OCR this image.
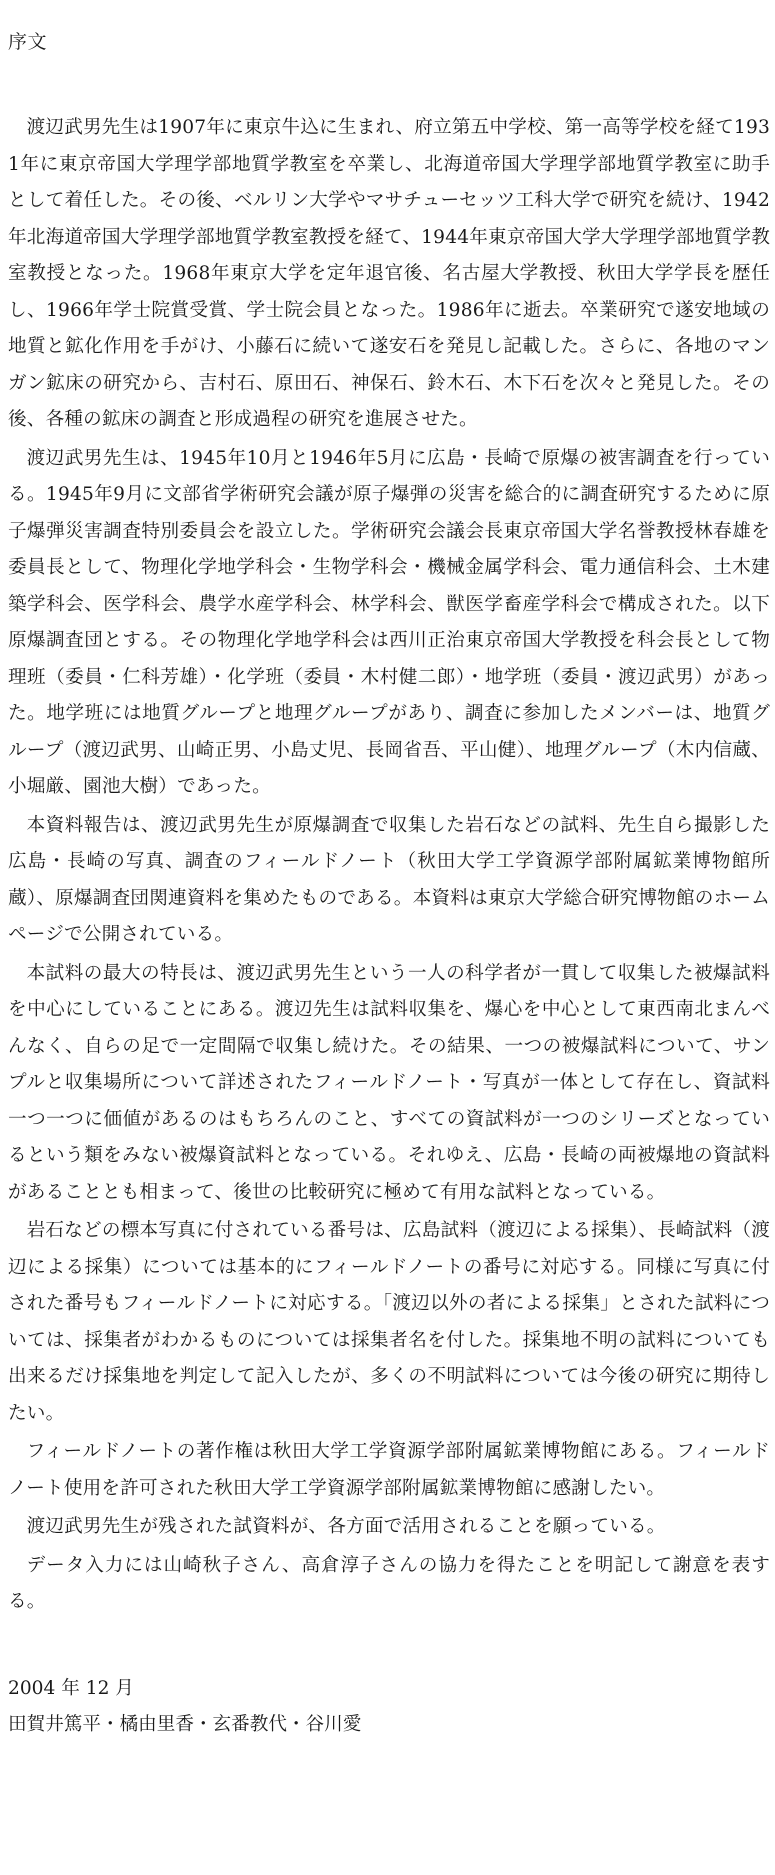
序文

渡辺武男先生は1907年に東京牛込に生まれ、府立第五中学校、第一高等学校を経て1931年に東京帝国大学理学部地質学教室を卒業し、北海道帝国大学理学部地質学教室に助手として着任した。その後、ベルリン大学やマサチューセッツ工科大学で研究を続け、1942年北海道帝国大学理学部地質学教室教授を経て、1944年東京帝国大学大学理学部地質学教室教授となった。1968年東京大学を定年退官後、名古屋大学教授、秋田大学学長を歴任し、1966年学士院賞受賞、学士院会員となった。1986年に逝去。卒業研究で遂安地域の地質と鉱化作用を手がけ、小藤石に続いて遂安石を発見し記載した。さらに、各地のマンガン鉱床の研究から、吉村石、原田石、神保石、鈴木石、木下石を次々と発見した。その後、各種の鉱床の調査と形成過程の研究を進展させた。

渡辺武男先生は、1945年10月と1946年5月に広島・長崎で原爆の被害調査を行っている。1945年9月に文部省学術研究会議が原子爆弾の災害を総合的に調査研究するために原子爆弾災害調査特別委員会を設立した。学術研究会議会長東京帝国大学名誉教授林春雄を委員長として、物理化学地学科会・生物学科会・機械金属学科会、電力通信科会、土木建築学科会、医学科会、農学水産学科会、林学科会、獣医学畜産学科会で構成された。以下原爆調査団とする。その物理化学地学科会は西川正治東京帝国大学教授を科会長として物理班（委員・仁科芳雄）・化学班（委員・木村健二郎）・地学班（委員・渡辺武男）があった。地学班には地質グループと地理グループがあり、調査に参加したメンバーは、地質グループ（渡辺武男、山崎正男、小島丈児、長岡省吾、平山健）、地理グループ（木内信蔵、小堀厳、園池大樹）であった。

本資料報告は、渡辺武男先生が原爆調査で収集した岩石などの試料、先生自ら撮影した広島・長崎の写真、調査のフィールドノート（秋田大学工学資源学部附属鉱業博物館所蔵）、原爆調査団関連資料を集めたものである。本資料は東京大学総合研究博物館のホームページで公開されている。

本試料の最大の特長は、渡辺武男先生という一人の科学者が一貫して収集した被爆試料を中心にしていることにある。渡辺先生は試料収集を、爆心を中心として東西南北まんべんなく、自らの足で一定間隔で収集し続けた。その結果、一つの被爆試料について、サンプルと収集場所について詳述されたフィールドノート・写真が一体として存在し、資試料一つ一つに価値があるのはもちろんのこと、すべての資試料が一つのシリーズとなっているという類をみない被爆資試料となっている。それゆえ、広島・長崎の両被爆地の資試料があることとも相まって、後世の比較研究に極めて有用な試料となっている。

岩石などの標本写真に付されている番号は、広島試料（渡辺による採集）、長崎試料（渡辺による採集）については基本的にフィールドノートの番号に対応する。同様に写真に付された番号もフィールドノートに対応する。「渡辺以外の者による採集」とされた試料については、採集者がわかるものについては採集者名を付した。採集地不明の試料についても出来るだけ採集地を判定して記入したが、多くの不明試料については今後の研究に期待したい。

フィールドノートの著作権は秋田大学工学資源学部附属鉱業博物館にある。フィールドノート使用を許可された秋田大学工学資源学部附属鉱業博物館に感謝したい。

渡辺武男先生が残された試資料が、各方面で活用されることを願っている。

データ入力には山崎秋子さん、高倉淳子さんの協力を得たことを明記して謝意を表する。

2004 年 12 月
田賀井篤平・橘由里香・玄番教代・谷川愛
